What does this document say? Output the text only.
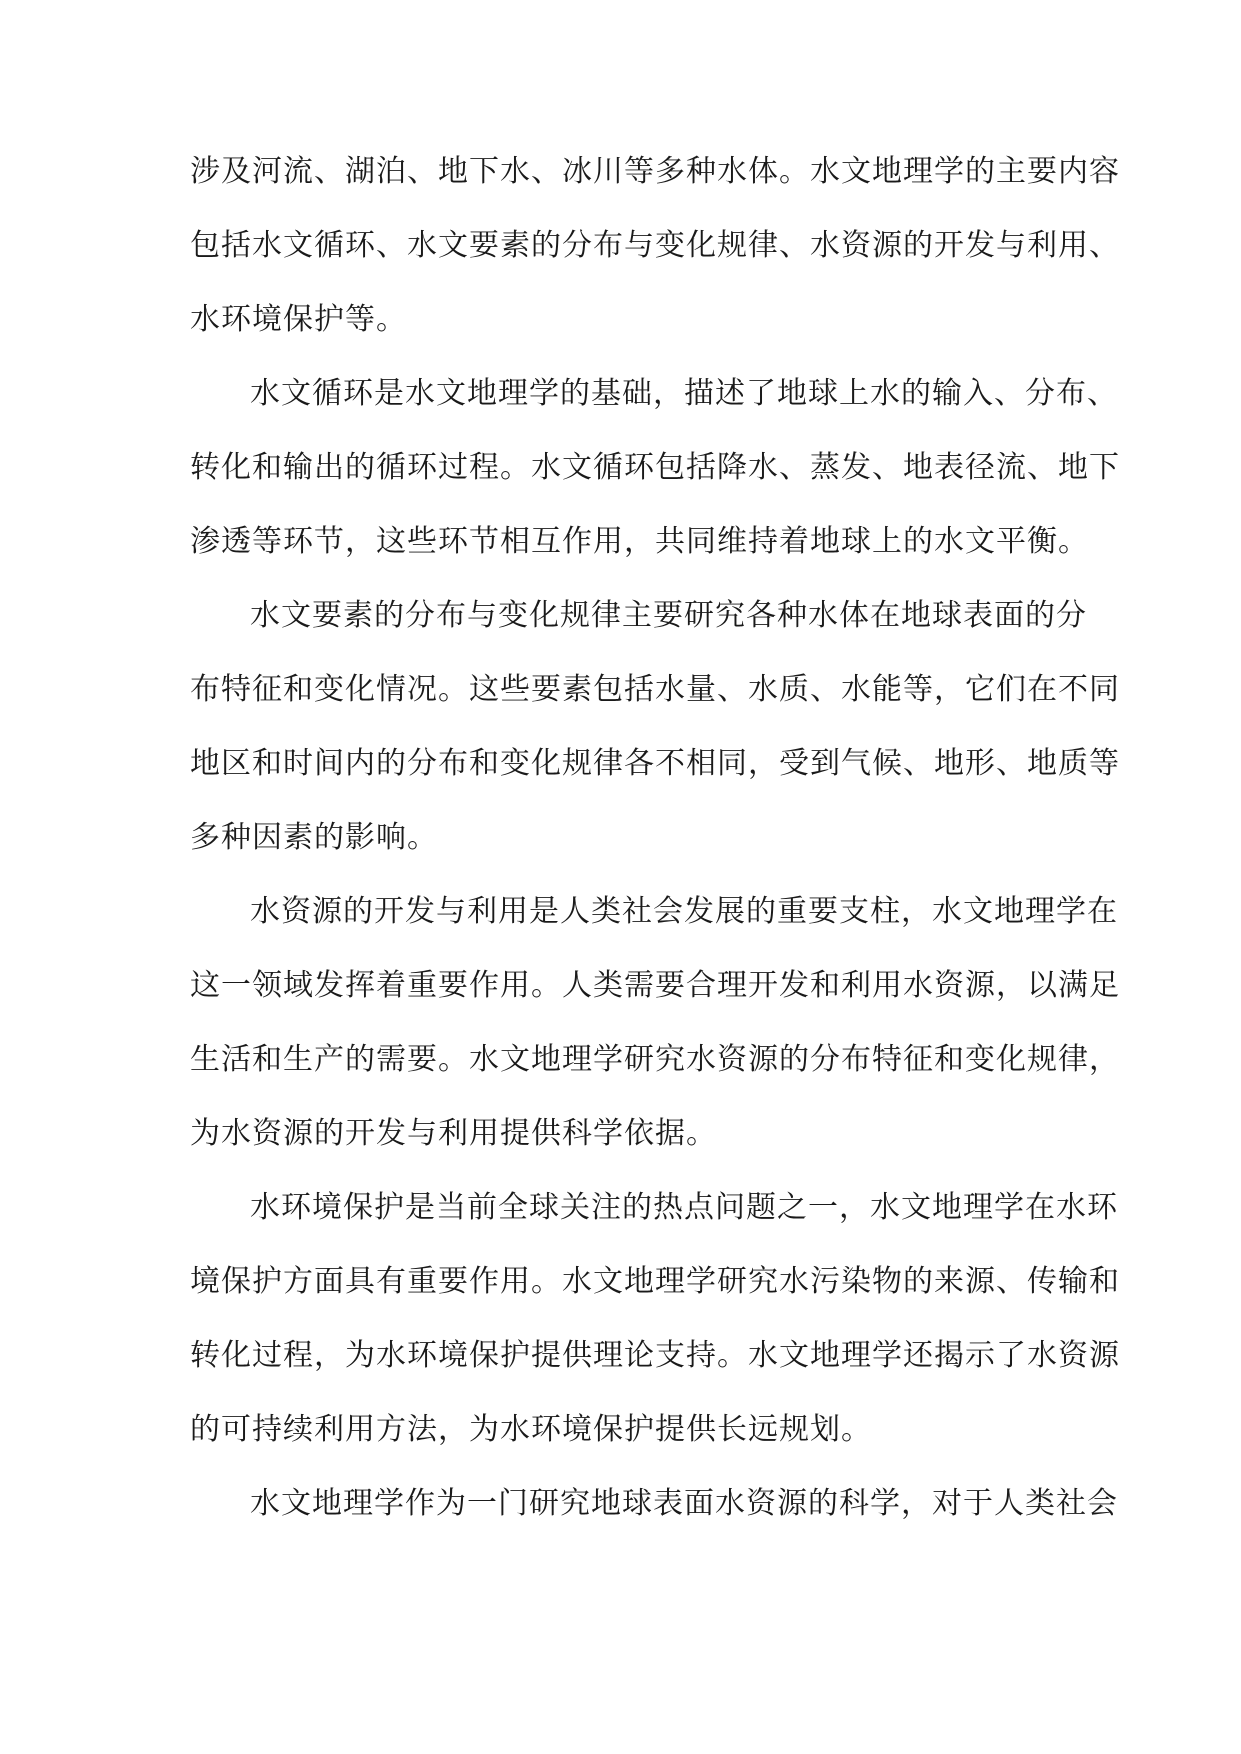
涉及河流、湖泊、地下水、冰川等多种水体。水文地理学的主要内容
包括水文循环、水文要素的分布与变化规律、水资源的开发与利用、
水环境保护等。
水文循环是水文地理学的基础，描述了地球上水的输入、分布、
转化和输出的循环过程。水文循环包括降水、蒸发、地表径流、地下
渗透等环节，这些环节相互作用，共同维持着地球上的水文平衡。
水文要素的分布与变化规律主要研究各种水体在地球表面的分
布特征和变化情况。这些要素包括水量、水质、水能等，它们在不同
地区和时间内的分布和变化规律各不相同，受到气候、地形、地质等
多种因素的影响。
水资源的开发与利用是人类社会发展的重要支柱，水文地理学在
这一领域发挥着重要作用。人类需要合理开发和利用水资源，以满足
生活和生产的需要。水文地理学研究水资源的分布特征和变化规律，
为水资源的开发与利用提供科学依据。
水环境保护是当前全球关注的热点问题之一，水文地理学在水环
境保护方面具有重要作用。水文地理学研究水污染物的来源、传输和
转化过程，为水环境保护提供理论支持。水文地理学还揭示了水资源
的可持续利用方法，为水环境保护提供长远规划。
水文地理学作为一门研究地球表面水资源的科学，对于人类社会
